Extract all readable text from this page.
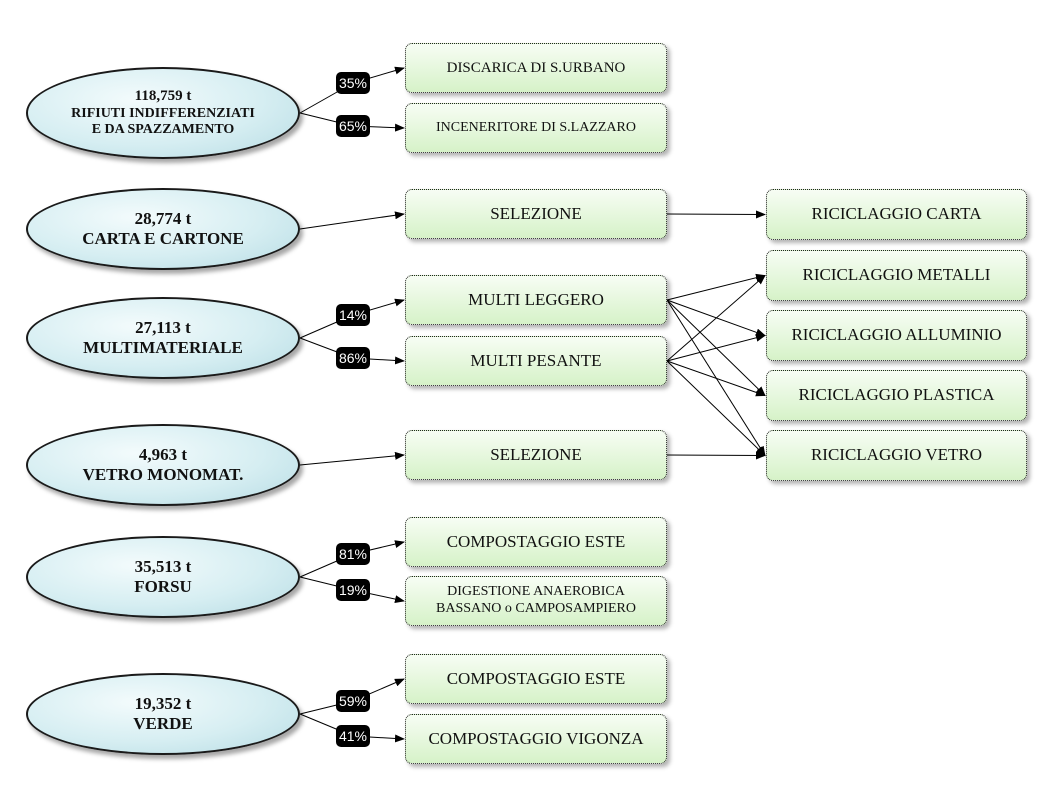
118,759 t
RIFIUTI INDIFFERENZIATI
E DA SPAZZAMENTO
28,774 t
CARTA E CARTONE
27,113 t
MULTIMATERIALE
4,963 t
VETRO MONOMAT.
35,513 t
FORSU
19,352 t
VERDE
DISCARICA DI S.URBANO
INCENERITORE DI S.LAZZARO
SELEZIONE
MULTI LEGGERO
MULTI PESANTE
SELEZIONE
COMPOSTAGGIO ESTE
DIGESTIONE ANAEROBICA
BASSANO o CAMPOSAMPIERO
COMPOSTAGGIO ESTE
COMPOSTAGGIO VIGONZA
RICICLAGGIO CARTA
RICICLAGGIO METALLI
RICICLAGGIO ALLUMINIO
RICICLAGGIO PLASTICA
RICICLAGGIO VETRO
35%
65%
14%
86%
81%
19%
59%
41%
